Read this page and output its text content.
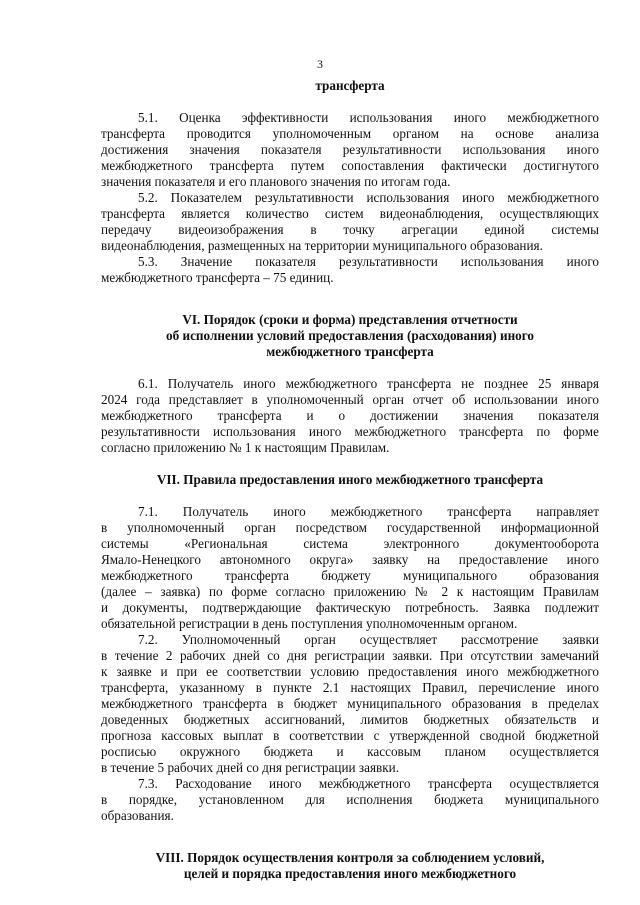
3
трансферта
5.1. Оценка эффективности использования иного межбюджетного
трансферта проводится уполномоченным органом на основе анализа
достижения значения показателя результативности использования иного
межбюджетного трансферта путем сопоставления фактически достигнутого
значения показателя и его планового значения по итогам года.
5.2. Показателем результативности использования иного межбюджетного
трансферта является количество систем видеонаблюдения, осуществляющих
передачу видеоизображения в точку агрегации единой системы
видеонаблюдения, размещенных на территории муниципального образования.
5.3. Значение показателя результативности использования иного
межбюджетного трансферта – 75 единиц.
VI. Порядок (сроки и форма) представления отчетности
об исполнении условий предоставления (расходования) иного
межбюджетного трансферта
6.1. Получатель иного межбюджетного трансферта не позднее 25 января
2024 года представляет в уполномоченный орган отчет об использовании иного
межбюджетного трансферта и о достижении значения показателя
результативности использования иного межбюджетного трансферта по форме
согласно приложению № 1 к настоящим Правилам.
VII. Правила предоставления иного межбюджетного трансферта
7.1. Получатель иного межбюджетного трансферта направляет
в уполномоченный орган посредством государственной информационной
системы «Региональная система электронного документооборота
Ямало-Ненецкого автономного округа» заявку на предоставление иного
межбюджетного трансферта бюджету муниципального образования
(далее – заявка) по форме согласно приложению № 2 к настоящим Правилам
и документы, подтверждающие фактическую потребность. Заявка подлежит
обязательной регистрации в день поступления уполномоченным органом.
7.2. Уполномоченный орган осуществляет рассмотрение заявки
в течение 2 рабочих дней со дня регистрации заявки. При отсутствии замечаний
к заявке и при ее соответствии условию предоставления иного межбюджетного
трансферта, указанному в пункте 2.1 настоящих Правил, перечисление иного
межбюджетного трансферта в бюджет муниципального образования в пределах
доведенных бюджетных ассигнований, лимитов бюджетных обязательств и
прогноза кассовых выплат в соответствии с утвержденной сводной бюджетной
росписью окружного бюджета и кассовым планом осуществляется
в течение 5 рабочих дней со дня регистрации заявки.
7.3. Расходование иного межбюджетного трансферта осуществляется
в порядке, установленном для исполнения бюджета муниципального
образования.
VIII. Порядок осуществления контроля за соблюдением условий,
целей и порядка предоставления иного межбюджетного
